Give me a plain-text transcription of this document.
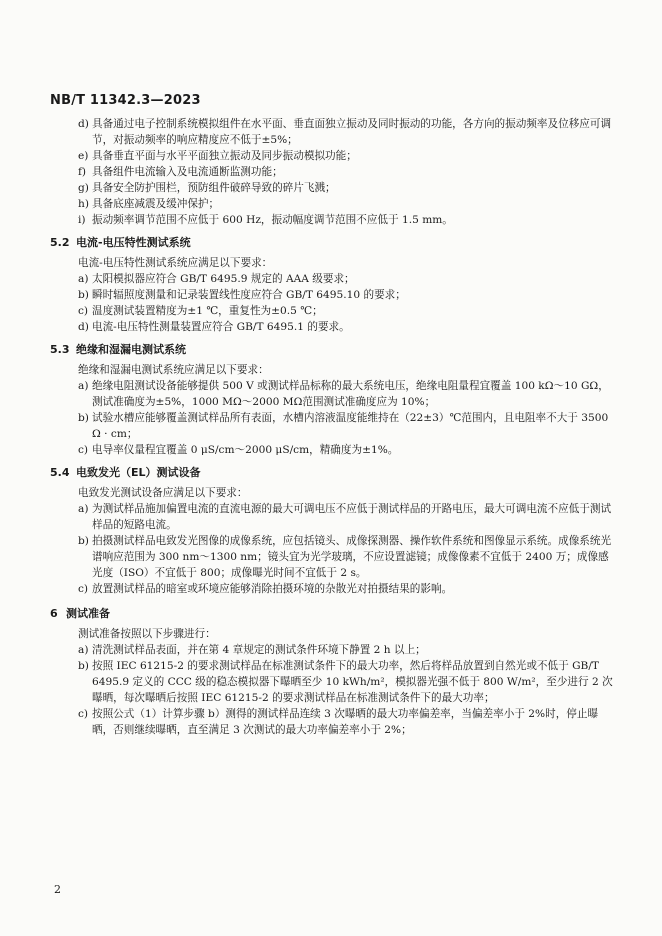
NB/T 11342.3—2023

d) 具备通过电子控制系统模拟组件在水平面、垂直面独立振动及同时振动的功能，各方向的振动频率及位移应可调节，对振动频率的响应精度应不低于±5%；

e) 具备垂直平面与水平平面独立振动及同步振动模拟功能；

f) 具备组件电流输入及电流通断监测功能；

g) 具备安全防护围栏，预防组件破碎导致的碎片飞溅；

h) 具备底座减震及缓冲保护；

i) 振动频率调节范围不应低于 600 Hz，振动幅度调节范围不应低于 1.5 mm。

5.2 电流-电压特性测试系统

电流-电压特性测试系统应满足以下要求：

a) 太阳模拟器应符合 GB/T 6495.9 规定的 AAA 级要求；

b) 瞬时辐照度测量和记录装置线性度应符合 GB/T 6495.10 的要求；

c) 温度测试装置精度为±1 ℃，重复性为±0.5 ℃；

d) 电流-电压特性测量装置应符合 GB/T 6495.1 的要求。

5.3 绝缘和湿漏电测试系统

绝缘和湿漏电测试系统应满足以下要求：

a) 绝缘电阻测试设备能够提供 500 V 或测试样品标称的最大系统电压，绝缘电阻量程宜覆盖 100 kΩ～10 GΩ，测试准确度为±5%，1000 MΩ～2000 MΩ范围测试准确度应为 10%；

b) 试验水槽应能够覆盖测试样品所有表面，水槽内溶液温度能维持在（22±3）℃范围内，且电阻率不大于 3500 Ω · cm；

c) 电导率仪量程宜覆盖 0 μS/cm～2000 μS/cm，精确度为±1%。

5.4 电致发光（EL）测试设备

电致发光测试设备应满足以下要求：

a) 为测试样品施加偏置电流的直流电源的最大可调电压不应低于测试样品的开路电压，最大可调电流不应低于测试样品的短路电流。

b) 拍摄测试样品电致发光图像的成像系统，应包括镜头、成像探测器、操作软件系统和图像显示系统。成像系统光谱响应范围为 300 nm～1300 nm；镜头宜为光学玻璃，不应设置滤镜；成像像素不宜低于 2400 万；成像感光度（ISO）不宜低于 800；成像曝光时间不宜低于 2 s。

c) 放置测试样品的暗室或环境应能够消除拍摄环境的杂散光对拍摄结果的影响。

6 测试准备

测试准备按照以下步骤进行：

a) 清洗测试样品表面，并在第 4 章规定的测试条件环境下静置 2 h 以上；

b) 按照 IEC 61215-2 的要求测试样品在标准测试条件下的最大功率，然后将样品放置到自然光或不低于 GB/T 6495.9 定义的 CCC 级的稳态模拟器下曝晒至少 10 kWh/m²，模拟器光强不低于 800 W/m²，至少进行 2 次曝晒，每次曝晒后按照 IEC 61215-2 的要求测试样品在标准测试条件下的最大功率；

c) 按照公式（1）计算步骤 b）测得的测试样品连续 3 次曝晒的最大功率偏差率，当偏差率小于 2%时，停止曝晒，否则继续曝晒，直至满足 3 次测试的最大功率偏差率小于 2%；

2
